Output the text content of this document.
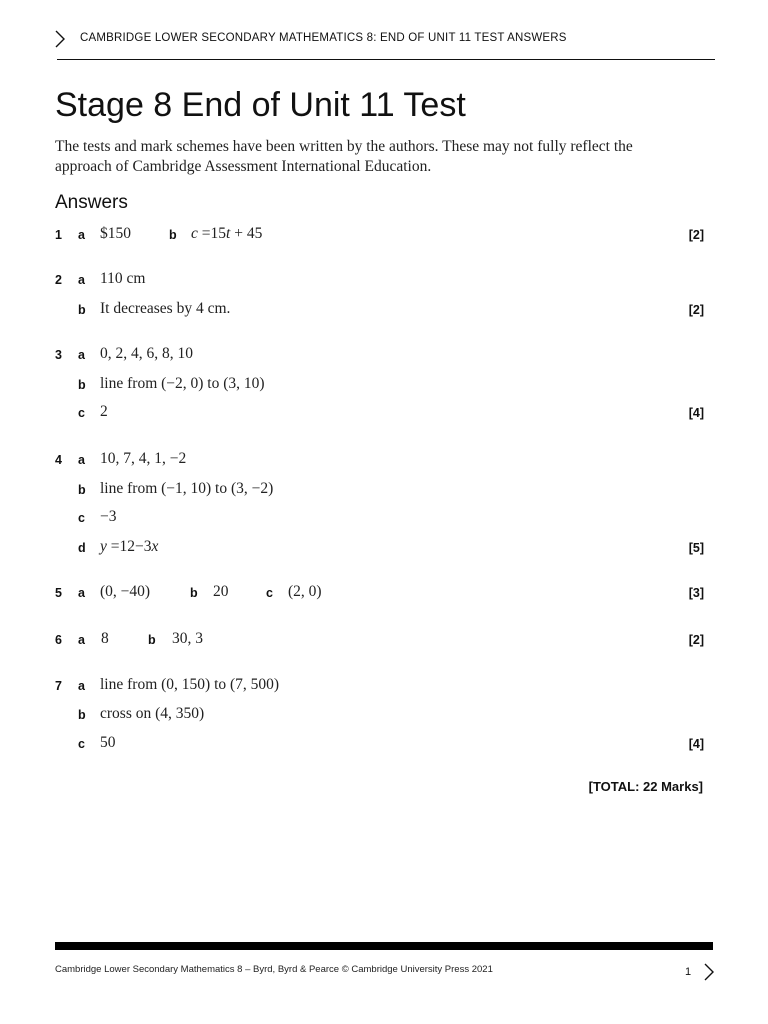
CAMBRIDGE LOWER SECONDARY MATHEMATICS 8: END OF UNIT 11 TEST ANSWERS
Stage 8 End of Unit 11 Test
The tests and mark schemes have been written by the authors. These may not fully reflect the
approach of Cambridge Assessment International Education.
Answers
1 a $150	b c =15t + 45	[2]
2 a 110 cm
b It decreases by 4 cm.	[2]
3 a 0, 2, 4, 6, 8, 10
b line from (−2, 0) to (3, 10)
c 2	[4]
4 a 10, 7, 4, 1, −2
b line from (−1, 10) to (3, −2)
c −3
d y =12−3x	[5]
5 a (0, −40)	b 20	c (2, 0)	[3]
6 a 8	b 30, 3	[2]
7 a line from (0, 150) to (7, 500)
b cross on (4, 350)
c 50	[4]
[TOTAL: 22 Marks]
Cambridge Lower Secondary Mathematics 8 – Byrd, Byrd & Pearce © Cambridge University Press 2021	1
